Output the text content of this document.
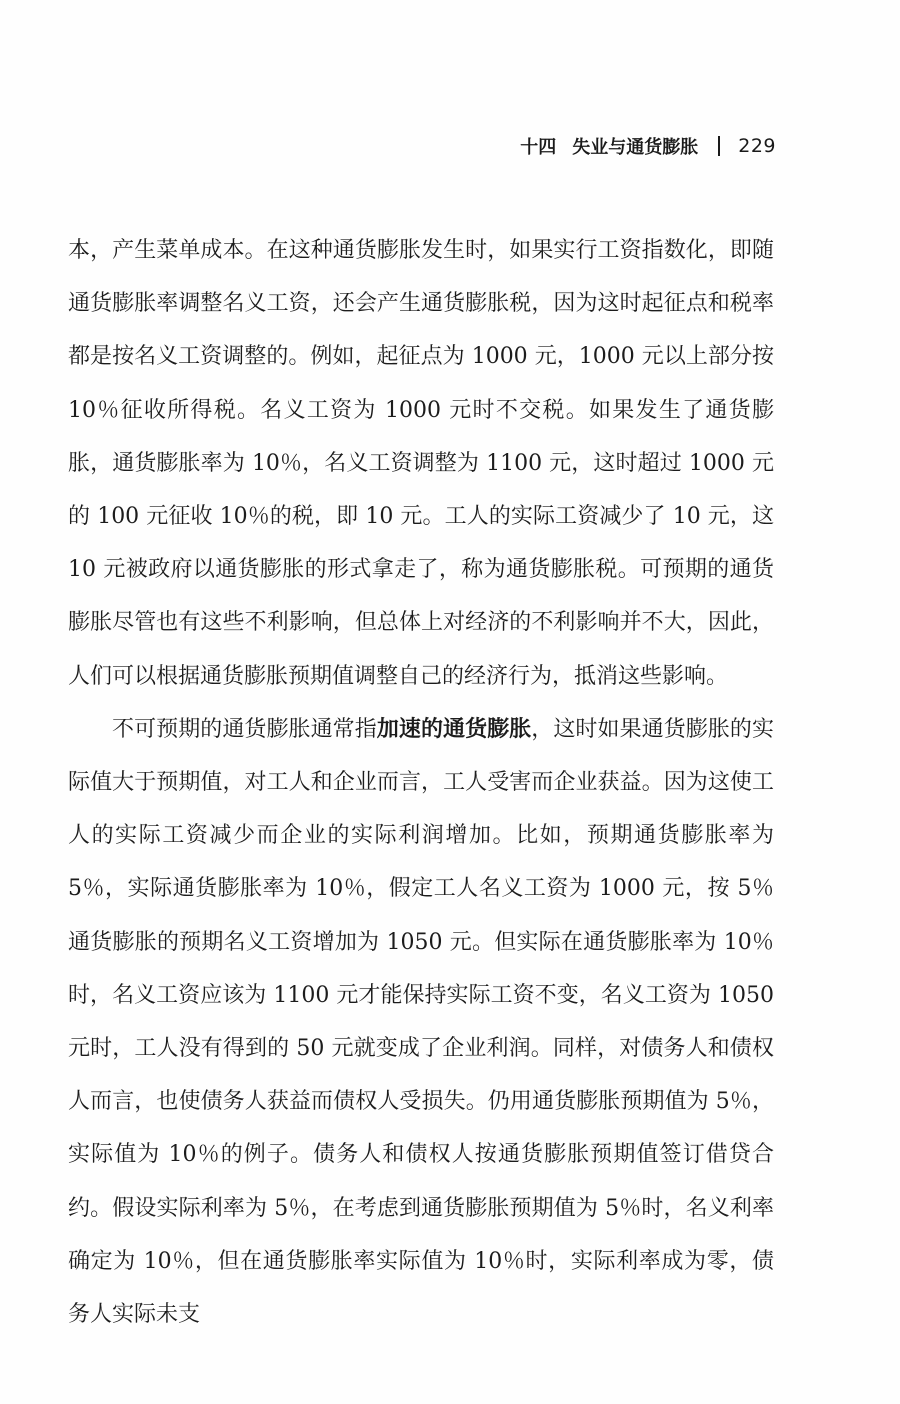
十四 失业与通货膨胀 229

本，产生菜单成本。在这种通货膨胀发生时，如果实行工资指数化，即随通货膨胀率调整名义工资，还会产生通货膨胀税，因为这时起征点和税率都是按名义工资调整的。例如，起征点为 1000 元，1000 元以上部分按 10％征收所得税。名义工资为 1000 元时不交税。如果发生了通货膨胀，通货膨胀率为 10％，名义工资调整为 1100 元，这时超过 1000 元的 100 元征收 10％的税，即 10 元。工人的实际工资减少了 10 元，这 10 元被政府以通货膨胀的形式拿走了，称为通货膨胀税。可预期的通货膨胀尽管也有这些不利影响，但总体上对经济的不利影响并不大，因此，人们可以根据通货膨胀预期值调整自己的经济行为，抵消这些影响。

不可预期的通货膨胀通常指加速的通货膨胀，这时如果通货膨胀的实际值大于预期值，对工人和企业而言，工人受害而企业获益。因为这使工人的实际工资减少而企业的实际利润增加。比如，预期通货膨胀率为 5％，实际通货膨胀率为 10％，假定工人名义工资为 1000 元，按 5％通货膨胀的预期名义工资增加为 1050 元。但实际在通货膨胀率为 10％时，名义工资应该为 1100 元才能保持实际工资不变，名义工资为 1050 元时，工人没有得到的 50 元就变成了企业利润。同样，对债务人和债权人而言，也使债务人获益而债权人受损失。仍用通货膨胀预期值为 5％，实际值为 10％的例子。债务人和债权人按通货膨胀预期值签订借贷合约。假设实际利率为 5％，在考虑到通货膨胀预期值为 5％时，名义利率确定为 10％，但在通货膨胀率实际值为 10％时，实际利率成为零，债务人实际未支
